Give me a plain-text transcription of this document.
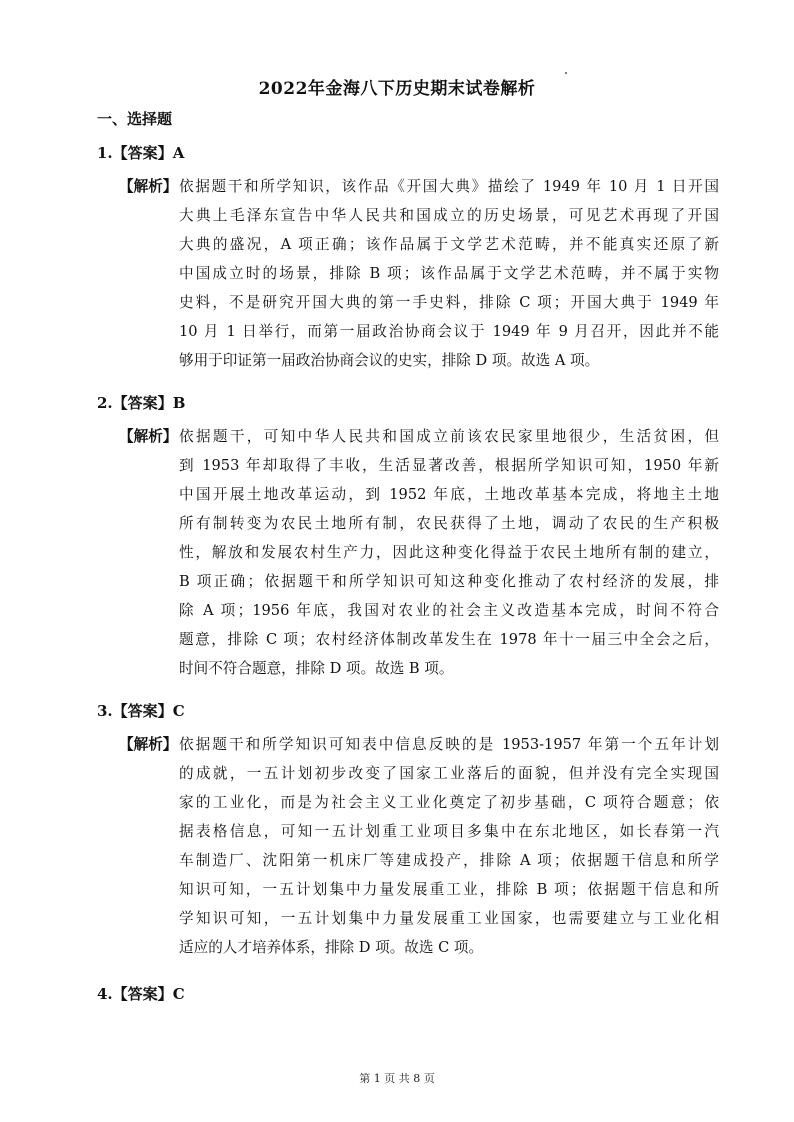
2022年金海八下历史期末试卷解析
一、选择题
1.【答案】A
【解析】 依据题干和所学知识，该作品《开国大典》描绘了 1949 年 10 月 1 日开国
大典上毛泽东宣告中华人民共和国成立的历史场景，可见艺术再现了开国
大典的盛况，A 项正确；该作品属于文学艺术范畴，并不能真实还原了新
中国成立时的场景，排除 B 项；该作品属于文学艺术范畴，并不属于实物
史料，不是研究开国大典的第一手史料，排除 C 项；开国大典于 1949 年
10 月 1 日举行，而第一届政治协商会议于 1949 年 9 月召开，因此并不能
够用于印证第一届政治协商会议的史实，排除 D 项。故选 A 项。
2.【答案】B
【解析】 依据题干，可知中华人民共和国成立前该农民家里地很少，生活贫困，但
到 1953 年却取得了丰收，生活显著改善，根据所学知识可知，1950 年新
中国开展土地改革运动，到 1952 年底，土地改革基本完成，将地主土地
所有制转变为农民土地所有制，农民获得了土地，调动了农民的生产积极
性，解放和发展农村生产力，因此这种变化得益于农民土地所有制的建立，
B 项正确；依据题干和所学知识可知这种变化推动了农村经济的发展，排
除 A 项；1956 年底，我国对农业的社会主义改造基本完成，时间不符合
题意，排除 C 项；农村经济体制改革发生在 1978 年十一届三中全会之后，
时间不符合题意，排除 D 项。故选 B 项。
3.【答案】C
【解析】 依据题干和所学知识可知表中信息反映的是 1953-1957 年第一个五年计划
的成就，一五计划初步改变了国家工业落后的面貌，但并没有完全实现国
家的工业化，而是为社会主义工业化奠定了初步基础，C 项符合题意；依
据表格信息，可知一五计划重工业项目多集中在东北地区，如长春第一汽
车制造厂、沈阳第一机床厂等建成投产，排除 A 项；依据题干信息和所学
知识可知，一五计划集中力量发展重工业，排除 B 项；依据题干信息和所
学知识可知，一五计划集中力量发展重工业国家，也需要建立与工业化相
适应的人才培养体系，排除 D 项。故选 C 项。
4.【答案】C
第 1 页 共 8 页
